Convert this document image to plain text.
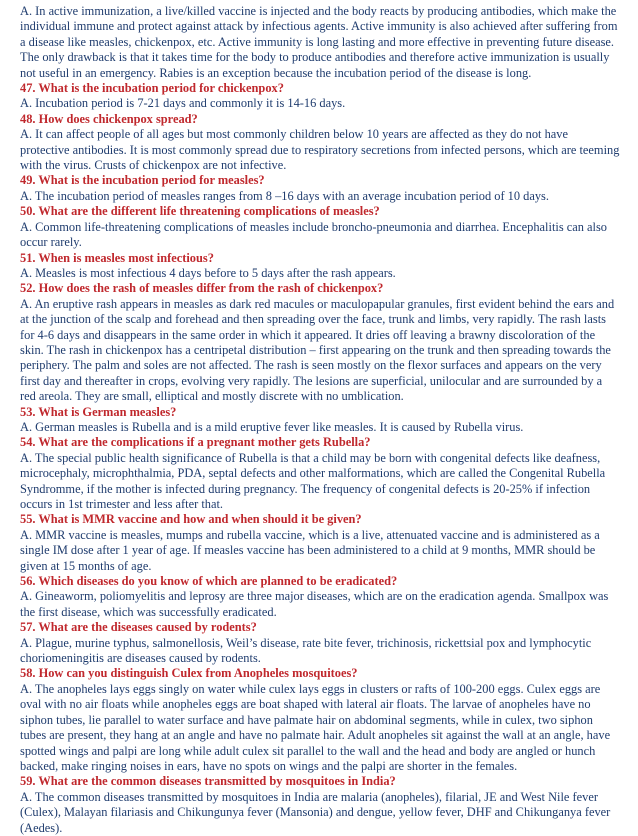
A. In active immunization, a live/killed vaccine is injected and the body reacts by producing antibodies, which make the individual immune and protect against attack by infectious agents. Active immunity is also achieved after suffering from a disease like measles, chickenpox, etc. Active immunity is long lasting and more effective in preventing future disease. The only drawback is that it takes time for the body to produce antibodies and therefore active immunization is usually not useful in an emergency. Rabies is an exception because the incubation period of the disease is long.

47. What is the incubation period for chickenpox?

A. Incubation period is 7-21 days and commonly it is 14-16 days.

48. How does chickenpox spread?

A. It can affect people of all ages but most commonly children below 10 years are affected as they do not have protective antibodies. It is most commonly spread due to respiratory secretions from infected persons, which are teeming with the virus. Crusts of chickenpox are not infective.

49. What is the incubation period for measles?

A. The incubation period of measles ranges from 8 –16 days with an average incubation period of 10 days.

50. What are the different life threatening complications of measles?

A. Common life-threatening complications of measles include broncho-pneumonia and diarrhea. Encephalitis can also occur rarely.

51. When is measles most infectious?

A. Measles is most infectious 4 days before to 5 days after the rash appears.

52. How does the rash of measles differ from the rash of chickenpox?

A. An eruptive rash appears in measles as dark red macules or maculopapular granules, first evident behind the ears and at the junction of the scalp and forehead and then spreading over the face, trunk and limbs, very rapidly. The rash lasts for 4-6 days and disappears in the same order in which it appeared. It dries off leaving a brawny discoloration of the skin. The rash in chickenpox has a centripetal distribution – first appearing on the trunk and then spreading towards the periphery. The palm and soles are not affected. The rash is seen mostly on the flexor surfaces and appears on the very first day and thereafter in crops, evolving very rapidly. The lesions are superficial, unilocular and are surrounded by a red areola. They are small, elliptical and mostly discrete with no umblication.

53. What is German measles?

A. German measles is Rubella and is a mild eruptive fever like measles. It is caused by Rubella virus.

54. What are the complications if a pregnant mother gets Rubella?

A. The special public health significance of Rubella is that a child may be born with congenital defects like deafness, microcephaly, microphthalmia, PDA, septal defects and other malformations, which are called the Congenital Rubella Syndromme, if the mother is infected during pregnancy. The frequency of congenital defects is 20-25% if infection occurs in 1st trimester and less after that.

55. What is MMR vaccine and how and when should it be given?

A. MMR vaccine is measles, mumps and rubella vaccine, which is a live, attenuated vaccine and is administered as a single IM dose after 1 year of age. If measles vaccine has been administered to a child at 9 months, MMR should be given at 15 months of age.

56. Which diseases do you know of which are planned to be eradicated?

A. Gineaworm, poliomyelitis and leprosy are three major diseases, which are on the eradication agenda. Smallpox was the first disease, which was successfully eradicated.

57. What are the diseases caused by rodents?

A. Plague, murine typhus, salmonellosis, Weil’s disease, rate bite fever, trichinosis, rickettsial pox and lymphocytic choriomeningitis are diseases caused by rodents.

58. How can you distinguish Culex from Anopheles mosquitoes?

A. The anopheles lays eggs singly on water while culex lays eggs in clusters or rafts of 100-200 eggs. Culex eggs are oval with no air floats while anopheles eggs are boat shaped with lateral air floats. The larvae of anopheles have no siphon tubes, lie parallel to water surface and have palmate hair on abdominal segments, while in culex, two siphon tubes are present, they hang at an angle and have no palmate hair. Adult anopheles sit against the wall at an angle, have spotted wings and palpi are long while adult culex sit parallel to the wall and the head and body are angled or hunch backed, make ringing noises in ears, have no spots on wings and the palpi are shorter in the females.

59. What are the common diseases transmitted by mosquitoes in India?

A. The common diseases transmitted by mosquitoes in India are malaria (anopheles), filarial, JE and West Nile fever (Culex), Malayan filariasis and Chikungunya fever (Mansonia) and dengue, yellow fever, DHF and Chikunganya fever (Aedes).
